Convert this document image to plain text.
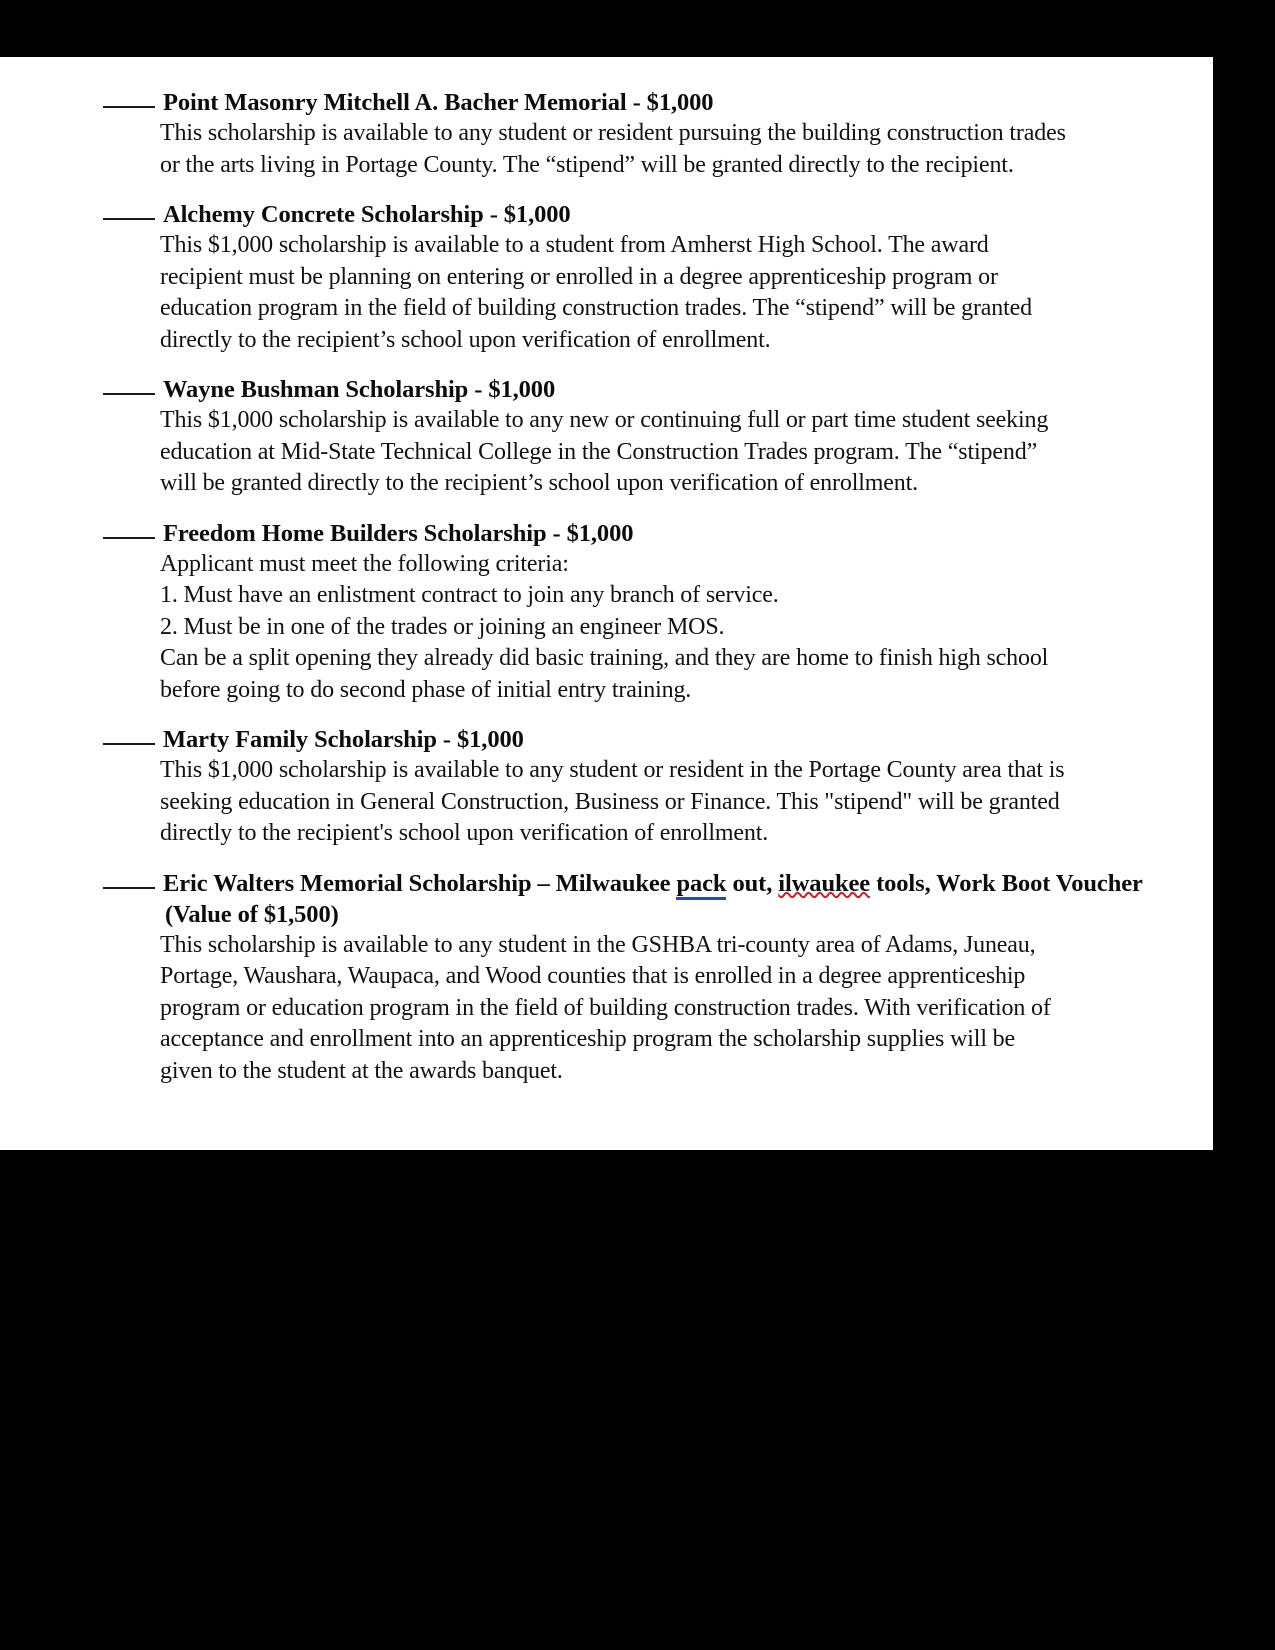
Point Masonry Mitchell A. Bacher Memorial - $1,000

This scholarship is available to any student or resident pursuing the building construction trades

or the arts living in Portage County. The “stipend” will be granted directly to the recipient.

Alchemy Concrete Scholarship - $1,000

This $1,000 scholarship is available to a student from Amherst High School. The award

recipient must be planning on entering or enrolled in a degree apprenticeship program or

education program in the field of building construction trades. The “stipend” will be granted

directly to the recipient’s school upon verification of enrollment.

Wayne Bushman Scholarship - $1,000

This $1,000 scholarship is available to any new or continuing full or part time student seeking

education at Mid-State Technical College in the Construction Trades program. The “stipend”

will be granted directly to the recipient’s school upon verification of enrollment.

Freedom Home Builders Scholarship - $1,000

Applicant must meet the following criteria:

1. Must have an enlistment contract to join any branch of service.

2. Must be in one of the trades or joining an engineer MOS.

Can be a split opening they already did basic training, and they are home to finish high school

before going to do second phase of initial entry training.

Marty Family Scholarship - $1,000

This $1,000 scholarship is available to any student or resident in the Portage County area that is

seeking education in General Construction, Business or Finance. This "stipend" will be granted

directly to the recipient's school upon verification of enrollment.

Eric Walters Memorial Scholarship – Milwaukee pack out, ilwaukee tools, Work Boot Voucher (Value of $1,500)

This scholarship is available to any student in the GSHBA tri-county area of Adams, Juneau,

Portage, Waushara, Waupaca, and Wood counties that is enrolled in a degree apprenticeship

program or education program in the field of building construction trades. With verification of

acceptance and enrollment into an apprenticeship program the scholarship supplies will be

given to the student at the awards banquet.
